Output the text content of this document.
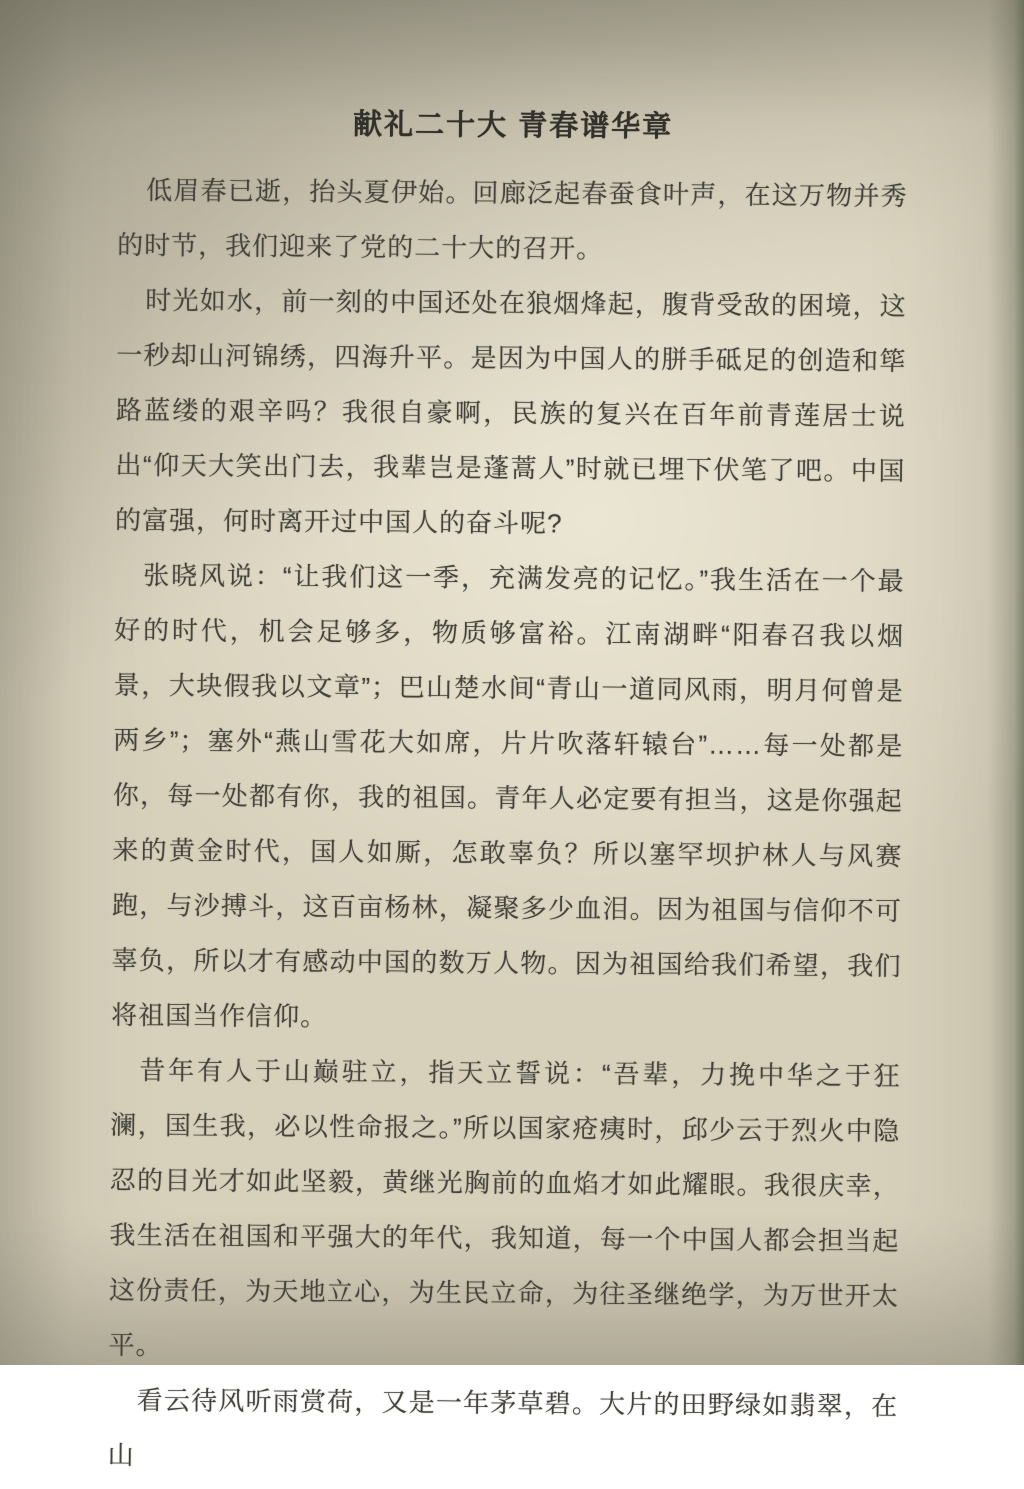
献礼二十大 青春谱华章

低眉春已逝，抬头夏伊始。回廊泛起春蚕食叶声，在这万物并秀的时节，我们迎来了党的二十大的召开。

时光如水，前一刻的中国还处在狼烟烽起，腹背受敌的困境，这一秒却山河锦绣，四海升平。是因为中国人的胼手砥足的创造和筚路蓝缕的艰辛吗？我很自豪啊，民族的复兴在百年前青莲居士说出“仰天大笑出门去，我辈岂是蓬蒿人”时就已埋下伏笔了吧。中国的富强，何时离开过中国人的奋斗呢?

张晓风说：“让我们这一季，充满发亮的记忆。”我生活在一个最好的时代，机会足够多，物质够富裕。江南湖畔“阳春召我以烟景，大块假我以文章”；巴山楚水间“青山一道同风雨，明月何曾是两乡”；塞外“燕山雪花大如席，片片吹落轩辕台”……每一处都是你，每一处都有你，我的祖国。青年人必定要有担当，这是你强起来的黄金时代，国人如厮，怎敢辜负？所以塞罕坝护林人与风赛跑，与沙搏斗，这百亩杨林，凝聚多少血泪。因为祖国与信仰不可辜负，所以才有感动中国的数万人物。因为祖国给我们希望，我们将祖国当作信仰。

昔年有人于山巅驻立，指天立誓说：“吾辈，力挽中华之于狂澜，国生我，必以性命报之。”所以国家疮痍时，邱少云于烈火中隐忍的目光才如此坚毅，黄继光胸前的血焰才如此耀眼。我很庆幸，我生活在祖国和平强大的年代，我知道，每一个中国人都会担当起这份责任，为天地立心，为生民立命，为往圣继绝学，为万世开太平。

看云待风听雨赏荷，又是一年茅草碧。大片的田野绿如翡翠，在山
